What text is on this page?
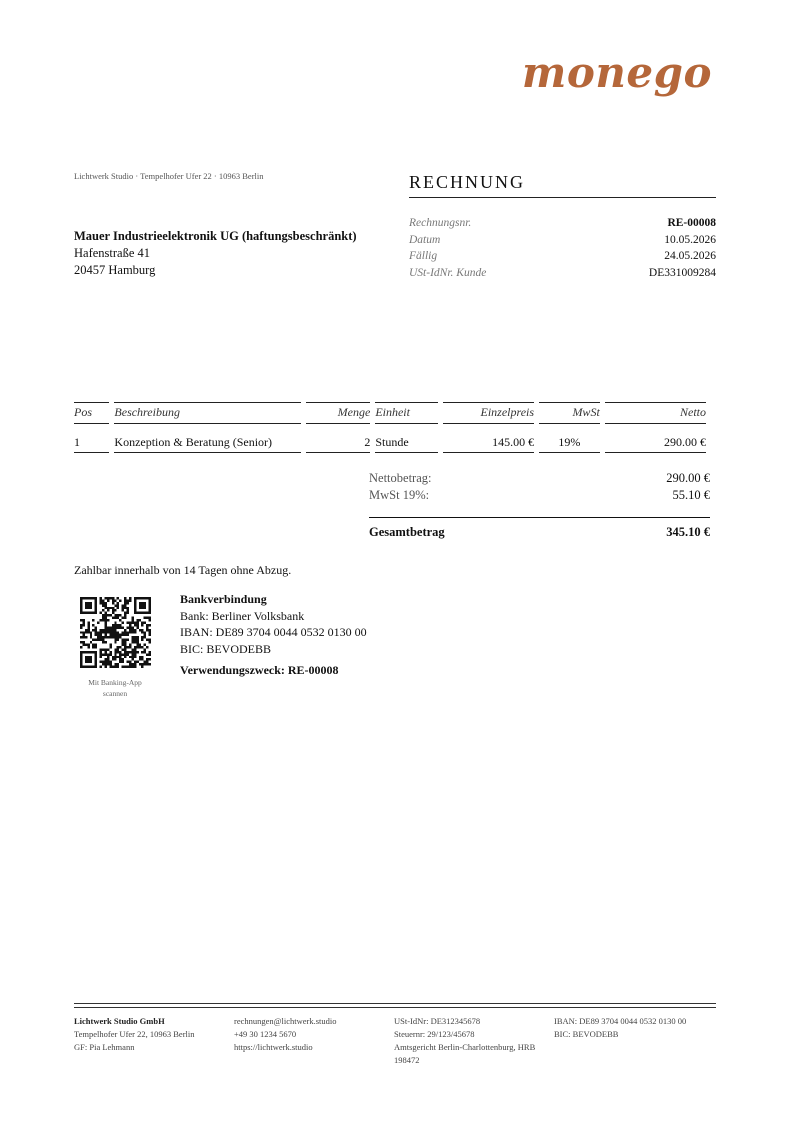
monego
Lichtwerk Studio · Tempelhofer Ufer 22 · 10963 Berlin
Mauer Industrieelektronik UG (haftungsbeschränkt)
Hafenstraße 41
20457 Hamburg
RECHNUNG
Rechnungsnr.	RE-00008
Datum	10.05.2026
Fällig	24.05.2026
USt-IdNr. Kunde	DE331009284
Pos	Beschreibung	Menge	Einheit	Einzelpreis	MwSt	Netto
1	Konzeption & Beratung (Senior)	2	Stunde	145.00 €	19%	290.00 €
Nettobetrag:	290.00 €
MwSt 19%:	55.10 €
Gesamtbetrag	345.10 €
Zahlbar innerhalb von 14 Tagen ohne Abzug.
Mit Banking-App
scannen
Bankverbindung
Bank: Berliner Volksbank
IBAN: DE89 3704 0044 0532 0130 00
BIC: BEVODEBB
Verwendungszweck: RE-00008
Lichtwerk Studio GmbH
Tempelhofer Ufer 22, 10963 Berlin
GF: Pia Lehmann
rechnungen@lichtwerk.studio
+49 30 1234 5670
https://lichtwerk.studio
USt-IdNr: DE312345678
Steuernr: 29/123/45678
Amtsgericht Berlin-Charlottenburg, HRB
198472
IBAN: DE89 3704 0044 0532 0130 00
BIC: BEVODEBB
